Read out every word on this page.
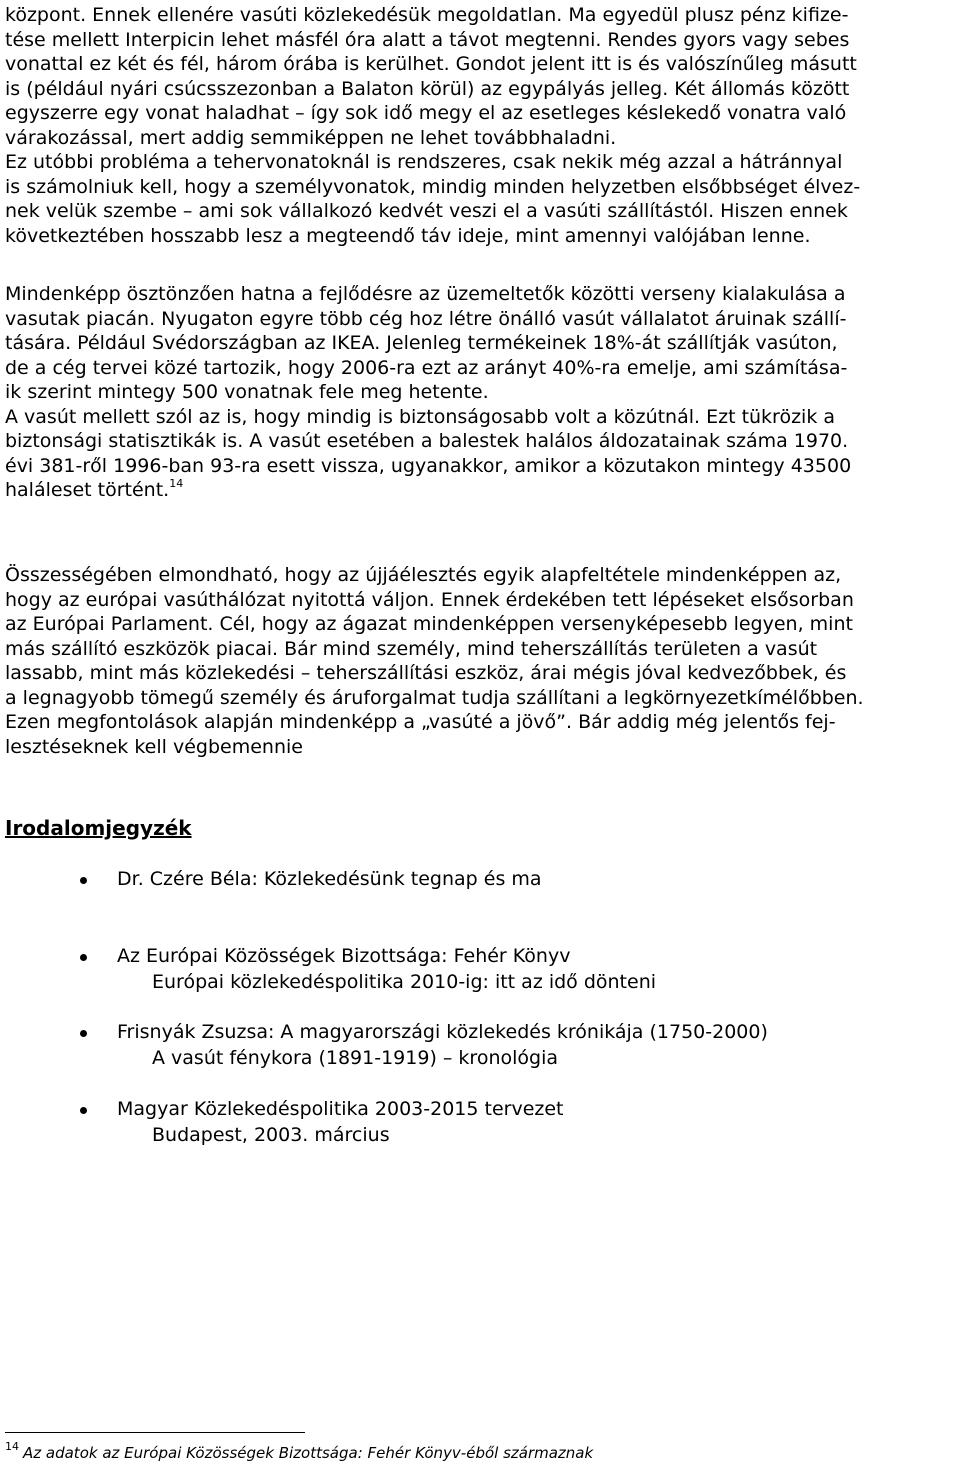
központ. Ennek ellenére vasúti közlekedésük megoldatlan. Ma egyedül plusz pénz kifize-
tése mellett Interpicin lehet másfél óra alatt a távot megtenni. Rendes gyors vagy sebes
vonattal ez két és fél, három órába is kerülhet. Gondot jelent itt is és valószínűleg másutt
is (például nyári csúcsszezonban a Balaton körül) az egypályás jelleg. Két állomás között
egyszerre egy vonat haladhat – így sok idő megy el az esetleges késlekedő vonatra való
várakozással, mert addig semmiképpen ne lehet továbbhaladni.
Ez utóbbi probléma a tehervonatoknál is rendszeres, csak nekik még azzal a hátránnyal
is számolniuk kell, hogy a személyvonatok, mindig minden helyzetben elsőbbséget élvez-
nek velük szembe – ami sok vállalkozó kedvét veszi el a vasúti szállítástól. Hiszen ennek
következtében hosszabb lesz a megteendő táv ideje, mint amennyi valójában lenne.

Mindenképp ösztönzően hatna a fejlődésre az üzemeltetők közötti verseny kialakulása a
vasutak piacán. Nyugaton egyre több cég hoz létre önálló vasút vállalatot áruinak szállí-
tására. Például Svédországban az IKEA. Jelenleg termékeinek 18%-át szállítják vasúton,
de a cég tervei közé tartozik, hogy 2006-ra ezt az arányt 40%-ra emelje, ami számítása-
ik szerint mintegy 500 vonatnak fele meg hetente.
A vasút mellett szól az is, hogy mindig is biztonságosabb volt a közútnál. Ezt tükrözik a
biztonsági statisztikák is. A vasút esetében a balestek halálos áldozatainak száma 1970.
évi 381-ről 1996-ban 93-ra esett vissza, ugyanakkor, amikor a közutakon mintegy 43500
haláleset történt.$^{14}$

Összességében elmondható, hogy az újjáélesztés egyik alapfeltétele mindenképpen az,
hogy az európai vasúthálózat nyitottá váljon. Ennek érdekében tett lépéseket elsősorban
az Európai Parlament. Cél, hogy az ágazat mindenképpen versenyképesebb legyen, mint
más szállító eszközök piacai. Bár mind személy, mind teherszállítás területen a vasút
lassabb, mint más közlekedési – teherszállítási eszköz, árai mégis jóval kedvezőbbek, és
a legnagyobb tömegű személy és áruforgalmat tudja szállítani a legkörnyezetkímélőbben.
Ezen megfontolások alapján mindenképp a „vasúté a jövő”. Bár addig még jelentős fej-
lesztéseknek kell végbemennie

Irodalomjegyzék
Dr. Czére Béla: Közlekedésünk tegnap és ma
Az Európai Közösségek Bizottsága: Fehér Könyv
Európai közlekedéspolitika 2010-ig: itt az idő dönteni
Frisnyák Zsuzsa: A magyarországi közlekedés krónikája (1750-2000)
A vasút fénykora (1891-1919) – kronológia
Magyar Közlekedéspolitika 2003-2015 tervezet
Budapest, 2003. március
$^{14}$ Az adatok az Európai Közösségek Bizottsága: Fehér Könyv-éből származnak
